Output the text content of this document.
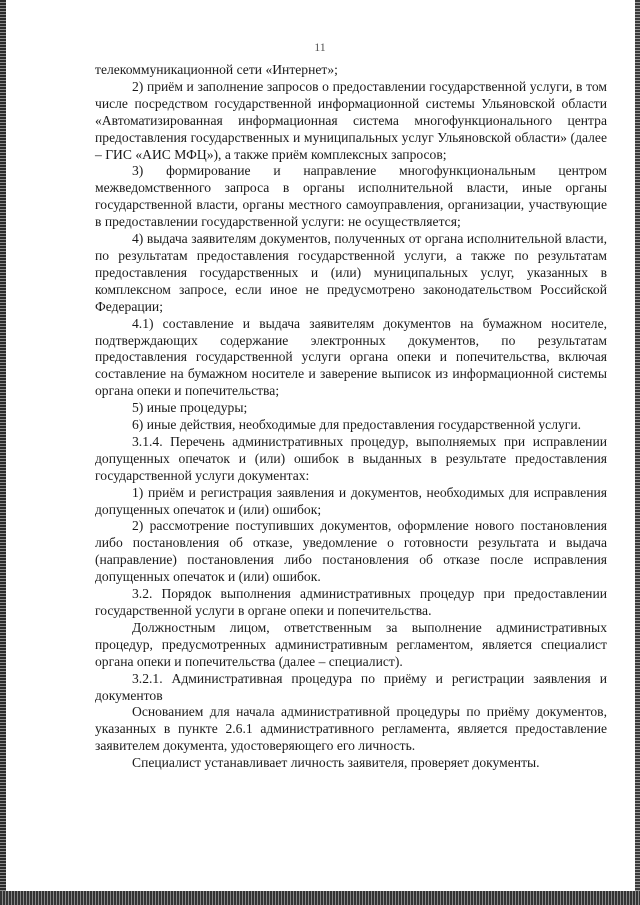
11

телекоммуникационной сети «Интернет»;

2) приём и заполнение запросов о предоставлении государственной услуги, в том числе посредством государственной информационной системы Ульяновской области «Автоматизированная информационная система многофункционального центра предоставления государственных и муниципальных услуг Ульяновской области» (далее – ГИС «АИС МФЦ»), а также приём комплексных запросов;

3) формирование и направление многофункциональным центром межведомственного запроса в органы исполнительной власти, иные органы государственной власти, органы местного самоуправления, организации, участвующие в предоставлении государственной услуги: не осуществляется;

4) выдача заявителям документов, полученных от органа исполнительной власти, по результатам предоставления государственной услуги, а также по результатам предоставления государственных и (или) муниципальных услуг, указанных в комплексном запросе, если иное не предусмотрено законодательством Российской Федерации;

4.1) составление и выдача заявителям документов на бумажном носителе, подтверждающих содержание электронных документов, по результатам предоставления государственной услуги органа опеки и попечительства, включая составление на бумажном носителе и заверение выписок из информационной системы органа опеки и попечительства;

5) иные процедуры;

6) иные действия, необходимые для предоставления государственной услуги.

3.1.4. Перечень административных процедур, выполняемых при исправлении допущенных опечаток и (или) ошибок в выданных в результате предоставления государственной услуги документах:

1) приём и регистрация заявления и документов, необходимых для исправления допущенных опечаток и (или) ошибок;

2) рассмотрение поступивших документов, оформление нового постановления либо постановления об отказе, уведомление о готовности результата и выдача (направление) постановления либо постановления об отказе после исправления допущенных опечаток и (или) ошибок.

3.2. Порядок выполнения административных процедур при предоставлении государственной услуги в органе опеки и попечительства.

Должностным лицом, ответственным за выполнение административных процедур, предусмотренных административным регламентом, является специалист органа опеки и попечительства (далее – специалист).

3.2.1. Административная процедура по приёму и регистрации заявления и документов

Основанием для начала административной процедуры по приёму документов, указанных в пункте 2.6.1 административного регламента, является предоставление заявителем документа, удостоверяющего его личность.

Специалист устанавливает личность заявителя, проверяет документы.
